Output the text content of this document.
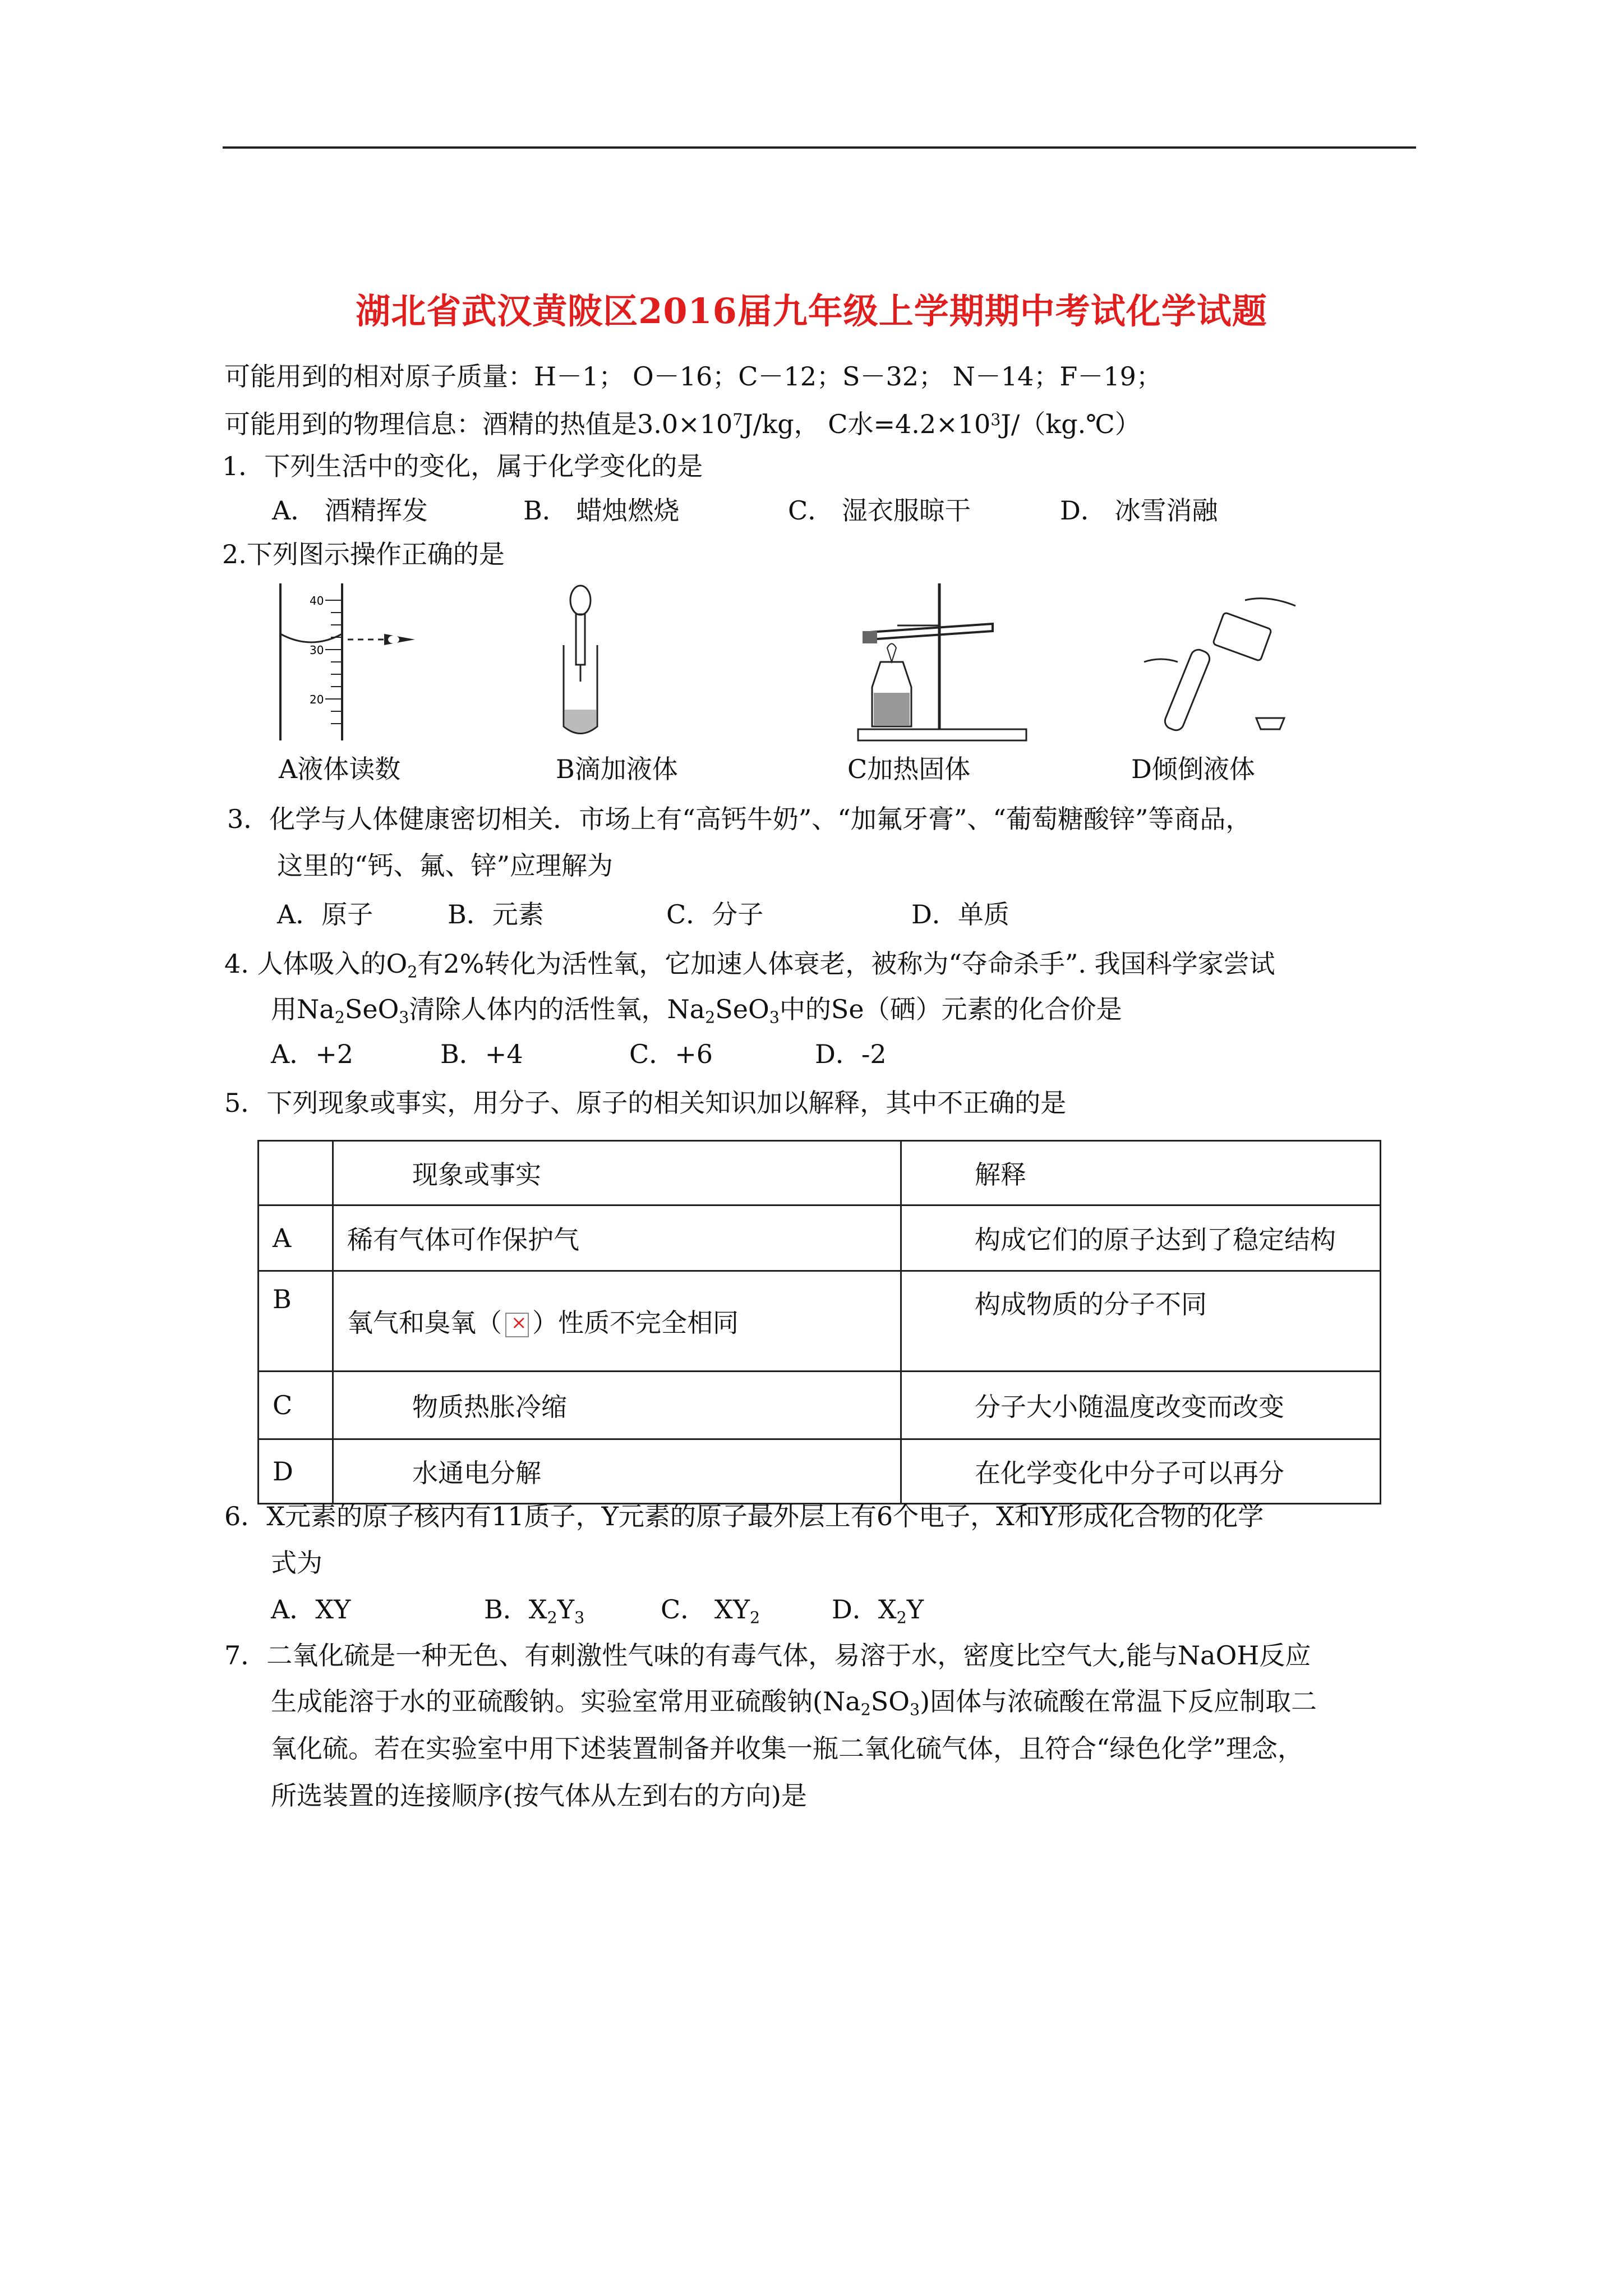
湖北省武汉黄陂区2016届九年级上学期期中考试化学试题
可能用到的相对原子质量：H－1； O－16；C－12；S－32； N－14；F－19；
可能用到的物理信息：酒精的热值是$3.0\times 10^7J/kg$， C水$=4.2\times 10^3J/(kg.℃)$
1．下列生活中的变化，属于化学变化的是
A． 酒精挥发	B． 蜡烛燃烧	C． 湿衣服晾干	D． 冰雪消融
2.下列图示操作正确的是
40
30
20
A液体读数	B滴加液体	C加热固体	D倾倒液体
3．化学与人体健康密切相关．市场上有“高钙牛奶”、“加氟牙膏”、“葡萄糖酸锌”等商品，
这里的“钙、氟、锌”应理解为
A．原子	B．元素	C．分子	D．单质
4. 人体吸入的$O_2$有2%转化为活性氧，它加速人体衰老，被称为“夺命杀手”. 我国科学家尝试
用$Na_2SeO_3$清除人体内的活性氧，$Na_2SeO_3$中的Se（硒）元素的化合价是
A．+2	B．+4	C．+6	D．-2
5．下列现象或事实，用分子、原子的相关知识加以解释，其中不正确的是
	现象或事实	解释
A	稀有气体可作保护气	构成它们的原子达到了稳定结构
B	氧气和臭氧（ × ）性质不完全相同	构成物质的分子不同
C	物质热胀冷缩	分子大小随温度改变而改变
D	水通电分解	在化学变化中分子可以再分
6．X元素的原子核内有11质子，Y元素的原子最外层上有6个电子，X和Y形成化合物的化学
式为
A．XY	B．$X_2Y_3$	C． $XY_2$	D．$X_2Y$
7．二氧化硫是一种无色、有刺激性气味的有毒气体，易溶于水，密度比空气大,能与NaOH反应
生成能溶于水的亚硫酸钠。实验室常用亚硫酸钠$(Na_2SO_3)$固体与浓硫酸在常温下反应制取二
氧化硫。若在实验室中用下述装置制备并收集一瓶二氧化硫气体，且符合“绿色化学”理念，
所选装置的连接顺序(按气体从左到右的方向)是
